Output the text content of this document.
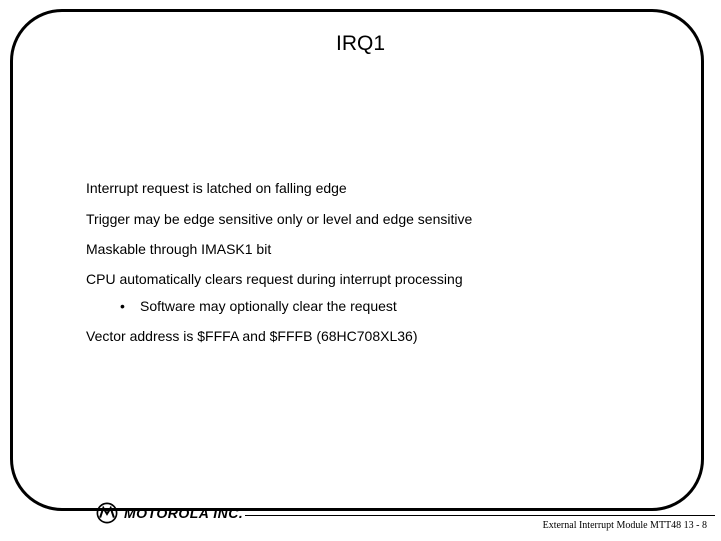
IRQ1
Interrupt request is latched on falling edge
Trigger may be edge sensitive only or level and edge sensitive
Maskable through IMASK1 bit
CPU automatically clears request during interrupt processing
• Software may optionally clear the request
Vector address is $FFFA and $FFFB (68HC708XL36)
MOTOROLA INC.
External Interrupt Module MTT48 13 - 8
